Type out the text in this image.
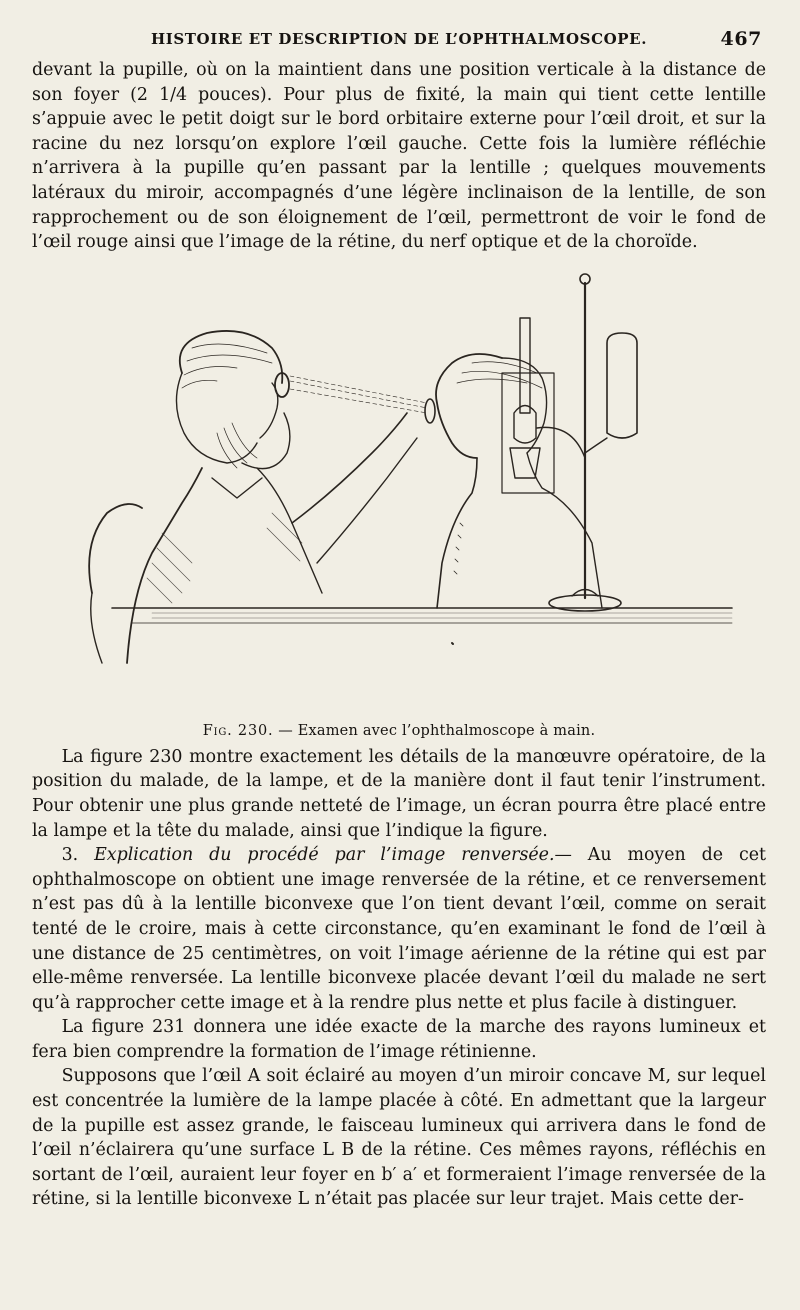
HISTOIRE ET DESCRIPTION DE L’OPHTHALMOSCOPE.	467

devant la pupille, où on la maintient dans une position verticale à la distance de son foyer (2 1/4 pouces). Pour plus de fixité, la main qui tient cette lentille s’appuie avec le petit doigt sur le bord orbitaire externe pour l’œil droit, et sur la racine du nez lorsqu’on explore l’œil gauche. Cette fois la lumière réfléchie n’arrivera à la pupille qu’en passant par la lentille ; quelques mouvements latéraux du miroir, accompagnés d’une légère inclinaison de la lentille, de son rapprochement ou de son éloignement de l’œil, permettront de voir le fond de l’œil rouge ainsi que l’image de la rétine, du nerf optique et de la choroïde.

Fig. 230. — Examen avec l’ophthalmoscope à main.

La figure 230 montre exactement les détails de la manœuvre opératoire, de la position du malade, de la lampe, et de la manière dont il faut tenir l’instrument. Pour obtenir une plus grande netteté de l’image, un écran pourra être placé entre la lampe et la tête du malade, ainsi que l’indique la figure.

3. Explication du procédé par l’image renversée.— Au moyen de cet ophthalmoscope on obtient une image renversée de la rétine, et ce renversement n’est pas dû à la lentille biconvexe que l’on tient devant l’œil, comme on serait tenté de le croire, mais à cette circonstance, qu’en examinant le fond de l’œil à une distance de 25 centimètres, on voit l’image aérienne de la rétine qui est par elle-même renversée. La lentille biconvexe placée devant l’œil du malade ne sert qu’à rapprocher cette image et à la rendre plus nette et plus facile à distinguer.

La figure 231 donnera une idée exacte de la marche des rayons lumineux et fera bien comprendre la formation de l’image rétinienne.

Supposons que l’œil A soit éclairé au moyen d’un miroir concave M, sur lequel est concentrée la lumière de la lampe placée à côté. En admettant que la largeur de la pupille est assez grande, le faisceau lumineux qui arrivera dans le fond de l’œil n’éclairera qu’une surface L B de la rétine. Ces mêmes rayons, réfléchis en sortant de l’œil, auraient leur foyer en b′ a′ et formeraient l’image renversée de la rétine, si la lentille biconvexe L n’était pas placée sur leur trajet. Mais cette der-
